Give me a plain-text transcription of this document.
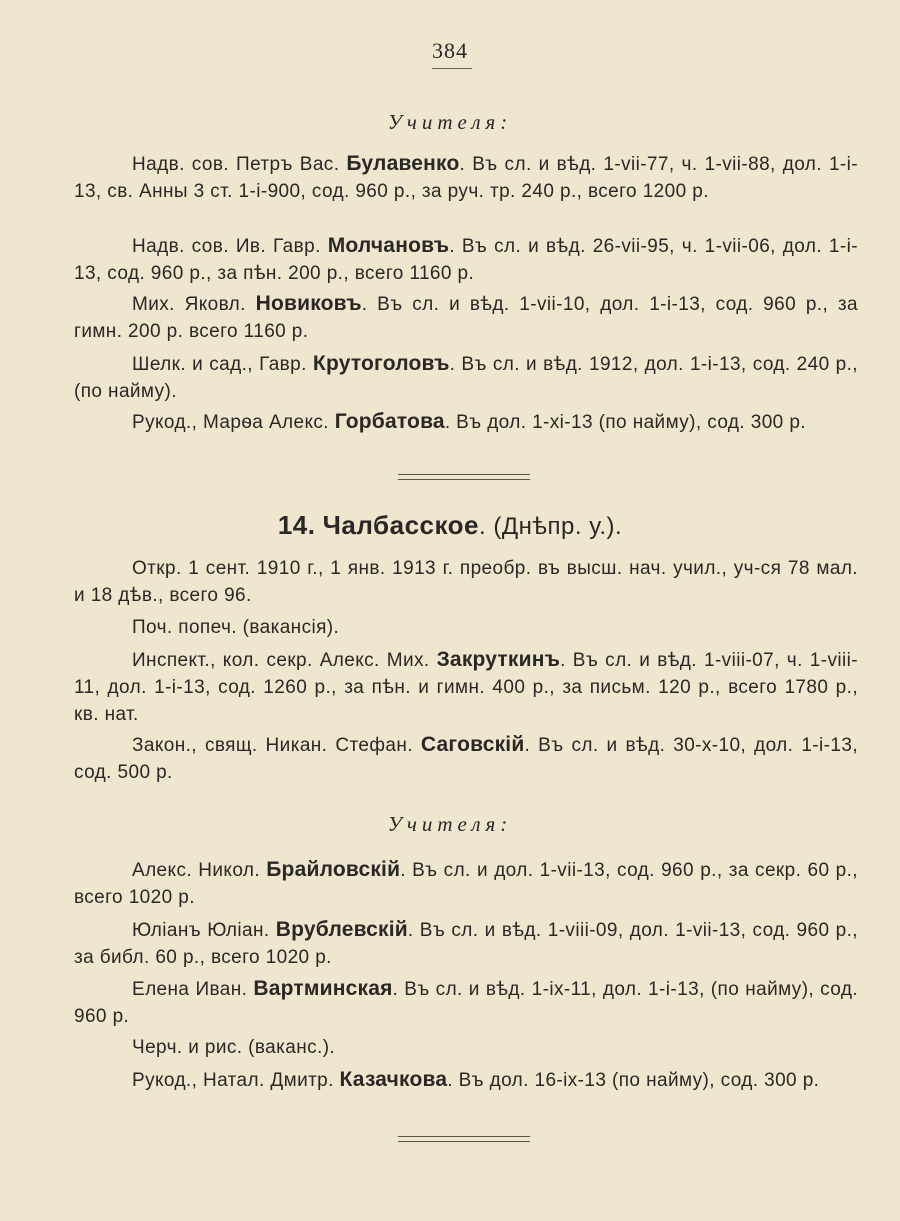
384
Учителя:
Надв. сов. Петръ Вас. Булавенко. Въ сл. и вѣд. 1-vii-77, ч. 1-vii-88, дол. 1-i-13, св. Анны 3 ст. 1-i-900, сод. 960 р., за руч. тр. 240 р., всего 1200 р.
Надв. сов. Ив. Гавр. Молчановъ. Въ сл. и вѣд. 26-vii-95, ч. 1-vii-06, дол. 1-i-13, сод. 960 р., за пѣн. 200 р., всего 1160 р.
Мих. Яковл. Новиковъ. Въ сл. и вѣд. 1-vii-10, дол. 1-i-13, сод. 960 р., за гимн. 200 р. всего 1160 р.
Шелк. и сад., Гавр. Крутоголовъ. Въ сл. и вѣд. 1912, дол. 1-i-13, сод. 240 р., (по найму).
Рукод., Марѳа Алекс. Горбатова. Въ дол. 1-xi-13 (по найму), сод. 300 р.
14. Чалбасское. (Днѣпр. у.).
Откр. 1 сент. 1910 г., 1 янв. 1913 г. преобр. въ высш. нач. учил., уч-ся 78 мал. и 18 дѣв., всего 96.
Поч. попеч. (вакансія).
Инспект., кол. секр. Алекс. Мих. Закруткинъ. Въ сл. и вѣд. 1-viii-07, ч. 1-viii-11, дол. 1-i-13, сод. 1260 р., за пѣн. и гимн. 400 р., за письм. 120 р., всего 1780 р., кв. нат.
Закон., свящ. Никан. Стефан. Саговскій. Въ сл. и вѣд. 30-x-10, дол. 1-i-13, сод. 500 р.
Учителя:
Алекс. Никол. Брайловскій. Въ сл. и дол. 1-vii-13, сод. 960 р., за секр. 60 р., всего 1020 р.
Юліанъ Юліан. Врублевскій. Въ сл. и вѣд. 1-viii-09, дол. 1-vii-13, сод. 960 р., за библ. 60 р., всего 1020 р.
Елена Иван. Вартминская. Въ сл. и вѣд. 1-ix-11, дол. 1-i-13, (по найму), сод. 960 р.
Черч. и рис. (ваканс.).
Рукод., Натал. Дмитр. Казачкова. Въ дол. 16-ix-13 (по найму), сод. 300 р.
